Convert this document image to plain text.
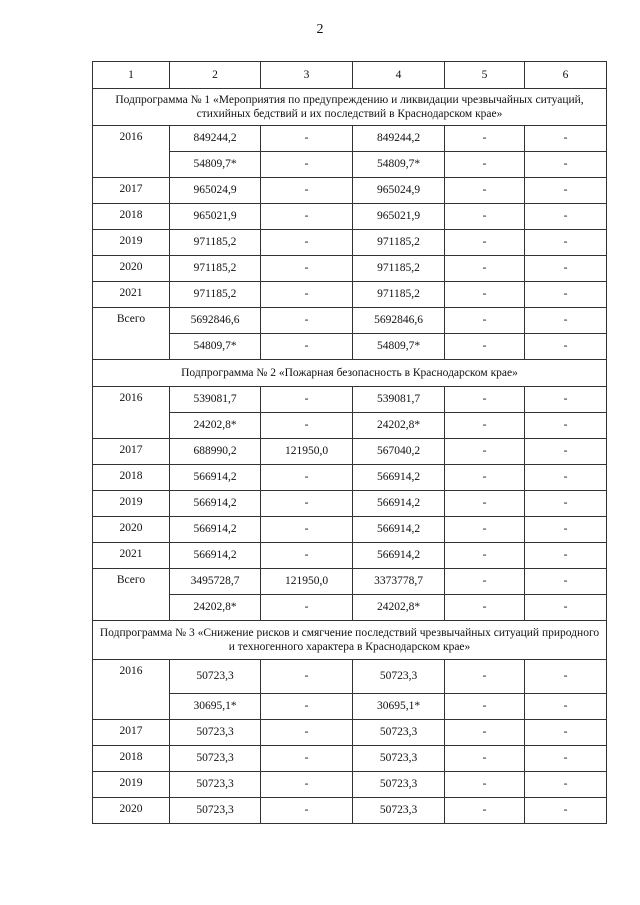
2
1	2	3	4	5	6
Подпрограмма № 1 «Мероприятия по предупреждению и ликвидации чрезвычайных ситуаций, стихийных бедствий и их последствий в Краснодарском крае»					
2016	849244,2	-	849244,2	-	-
	54809,7*	-	54809,7*	-	-
2017	965024,9	-	965024,9	-	-
2018	965021,9	-	965021,9	-	-
2019	971185,2	-	971185,2	-	-
2020	971185,2	-	971185,2	-	-
2021	971185,2	-	971185,2	-	-
Всего	5692846,6	-	5692846,6	-	-
	54809,7*	-	54809,7*	-	-
Подпрограмма № 2 «Пожарная безопасность в Краснодарском крае»					
2016	539081,7	-	539081,7	-	-
	24202,8*	-	24202,8*	-	-
2017	688990,2	121950,0	567040,2	-	-
2018	566914,2	-	566914,2	-	-
2019	566914,2	-	566914,2	-	-
2020	566914,2	-	566914,2	-	-
2021	566914,2	-	566914,2	-	-
Всего	3495728,7	121950,0	3373778,7	-	-
	24202,8*	-	24202,8*	-	-
Подпрограмма № 3 «Снижение рисков и смягчение последствий чрезвычайных ситуаций природного и техногенного характера в Краснодарском крае»					
2016	50723,3	-	50723,3	-	-
	30695,1*	-	30695,1*	-	-
2017	50723,3	-	50723,3	-	-
2018	50723,3	-	50723,3	-	-
2019	50723,3	-	50723,3	-	-
2020	50723,3	-	50723,3	-	-
